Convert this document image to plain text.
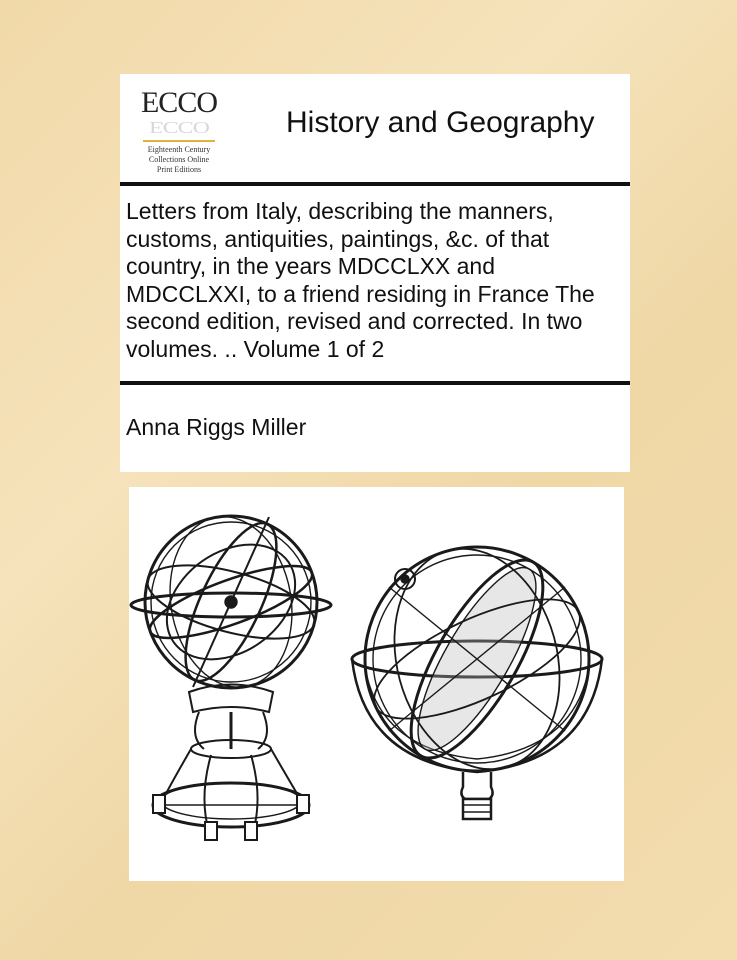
ECCO
ECCO
Eighteenth Century
Collections Online
Print Editions
History and Geography
Letters from Italy, describing the manners, customs, antiquities, paintings, &c. of that country, in the years MDCCLXX and MDCCLXXI, to a friend residing in France The second edition, revised and corrected. In two volumes. .. Volume 1 of 2
Anna Riggs Miller
